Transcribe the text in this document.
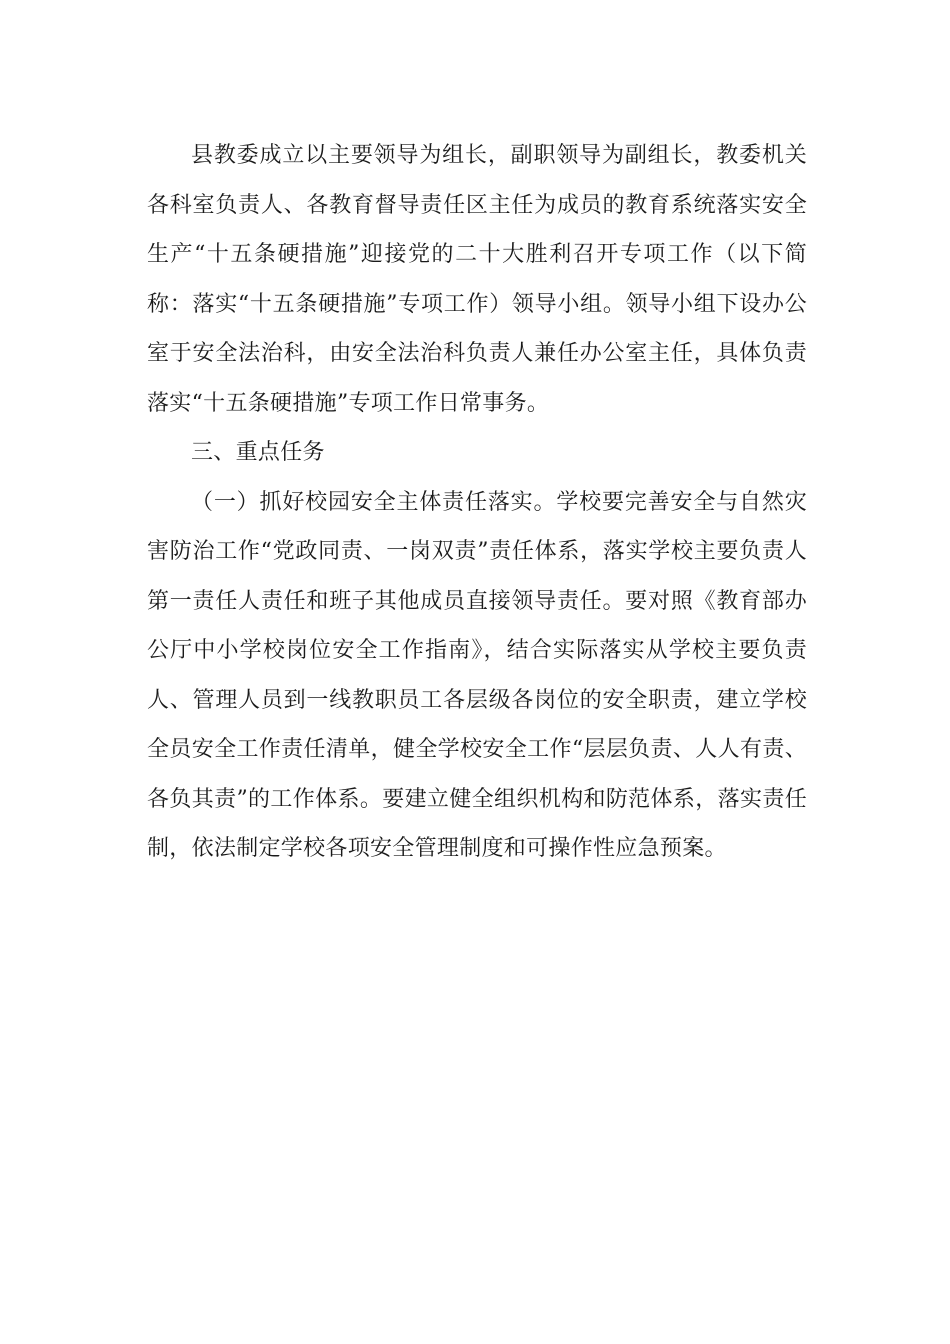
县教委成立以主要领导为组长，副职领导为副组长，教委机关各科室负责人、各教育督导责任区主任为成员的教育系统落实安全生产“十五条硬措施”迎接党的二十大胜利召开专项工作（以下简称：落实“十五条硬措施”专项工作）领导小组。领导小组下设办公室于安全法治科，由安全法治科负责人兼任办公室主任，具体负责落实“十五条硬措施”专项工作日常事务。

三、重点任务

（一）抓好校园安全主体责任落实。学校要完善安全与自然灾害防治工作“党政同责、一岗双责”责任体系，落实学校主要负责人第一责任人责任和班子其他成员直接领导责任。要对照《教育部办公厅中小学校岗位安全工作指南》，结合实际落实从学校主要负责人、管理人员到一线教职员工各层级各岗位的安全职责，建立学校全员安全工作责任清单，健全学校安全工作“层层负责、人人有责、各负其责”的工作体系。要建立健全组织机构和防范体系，落实责任制，依法制定学校各项安全管理制度和可操作性应急预案。
